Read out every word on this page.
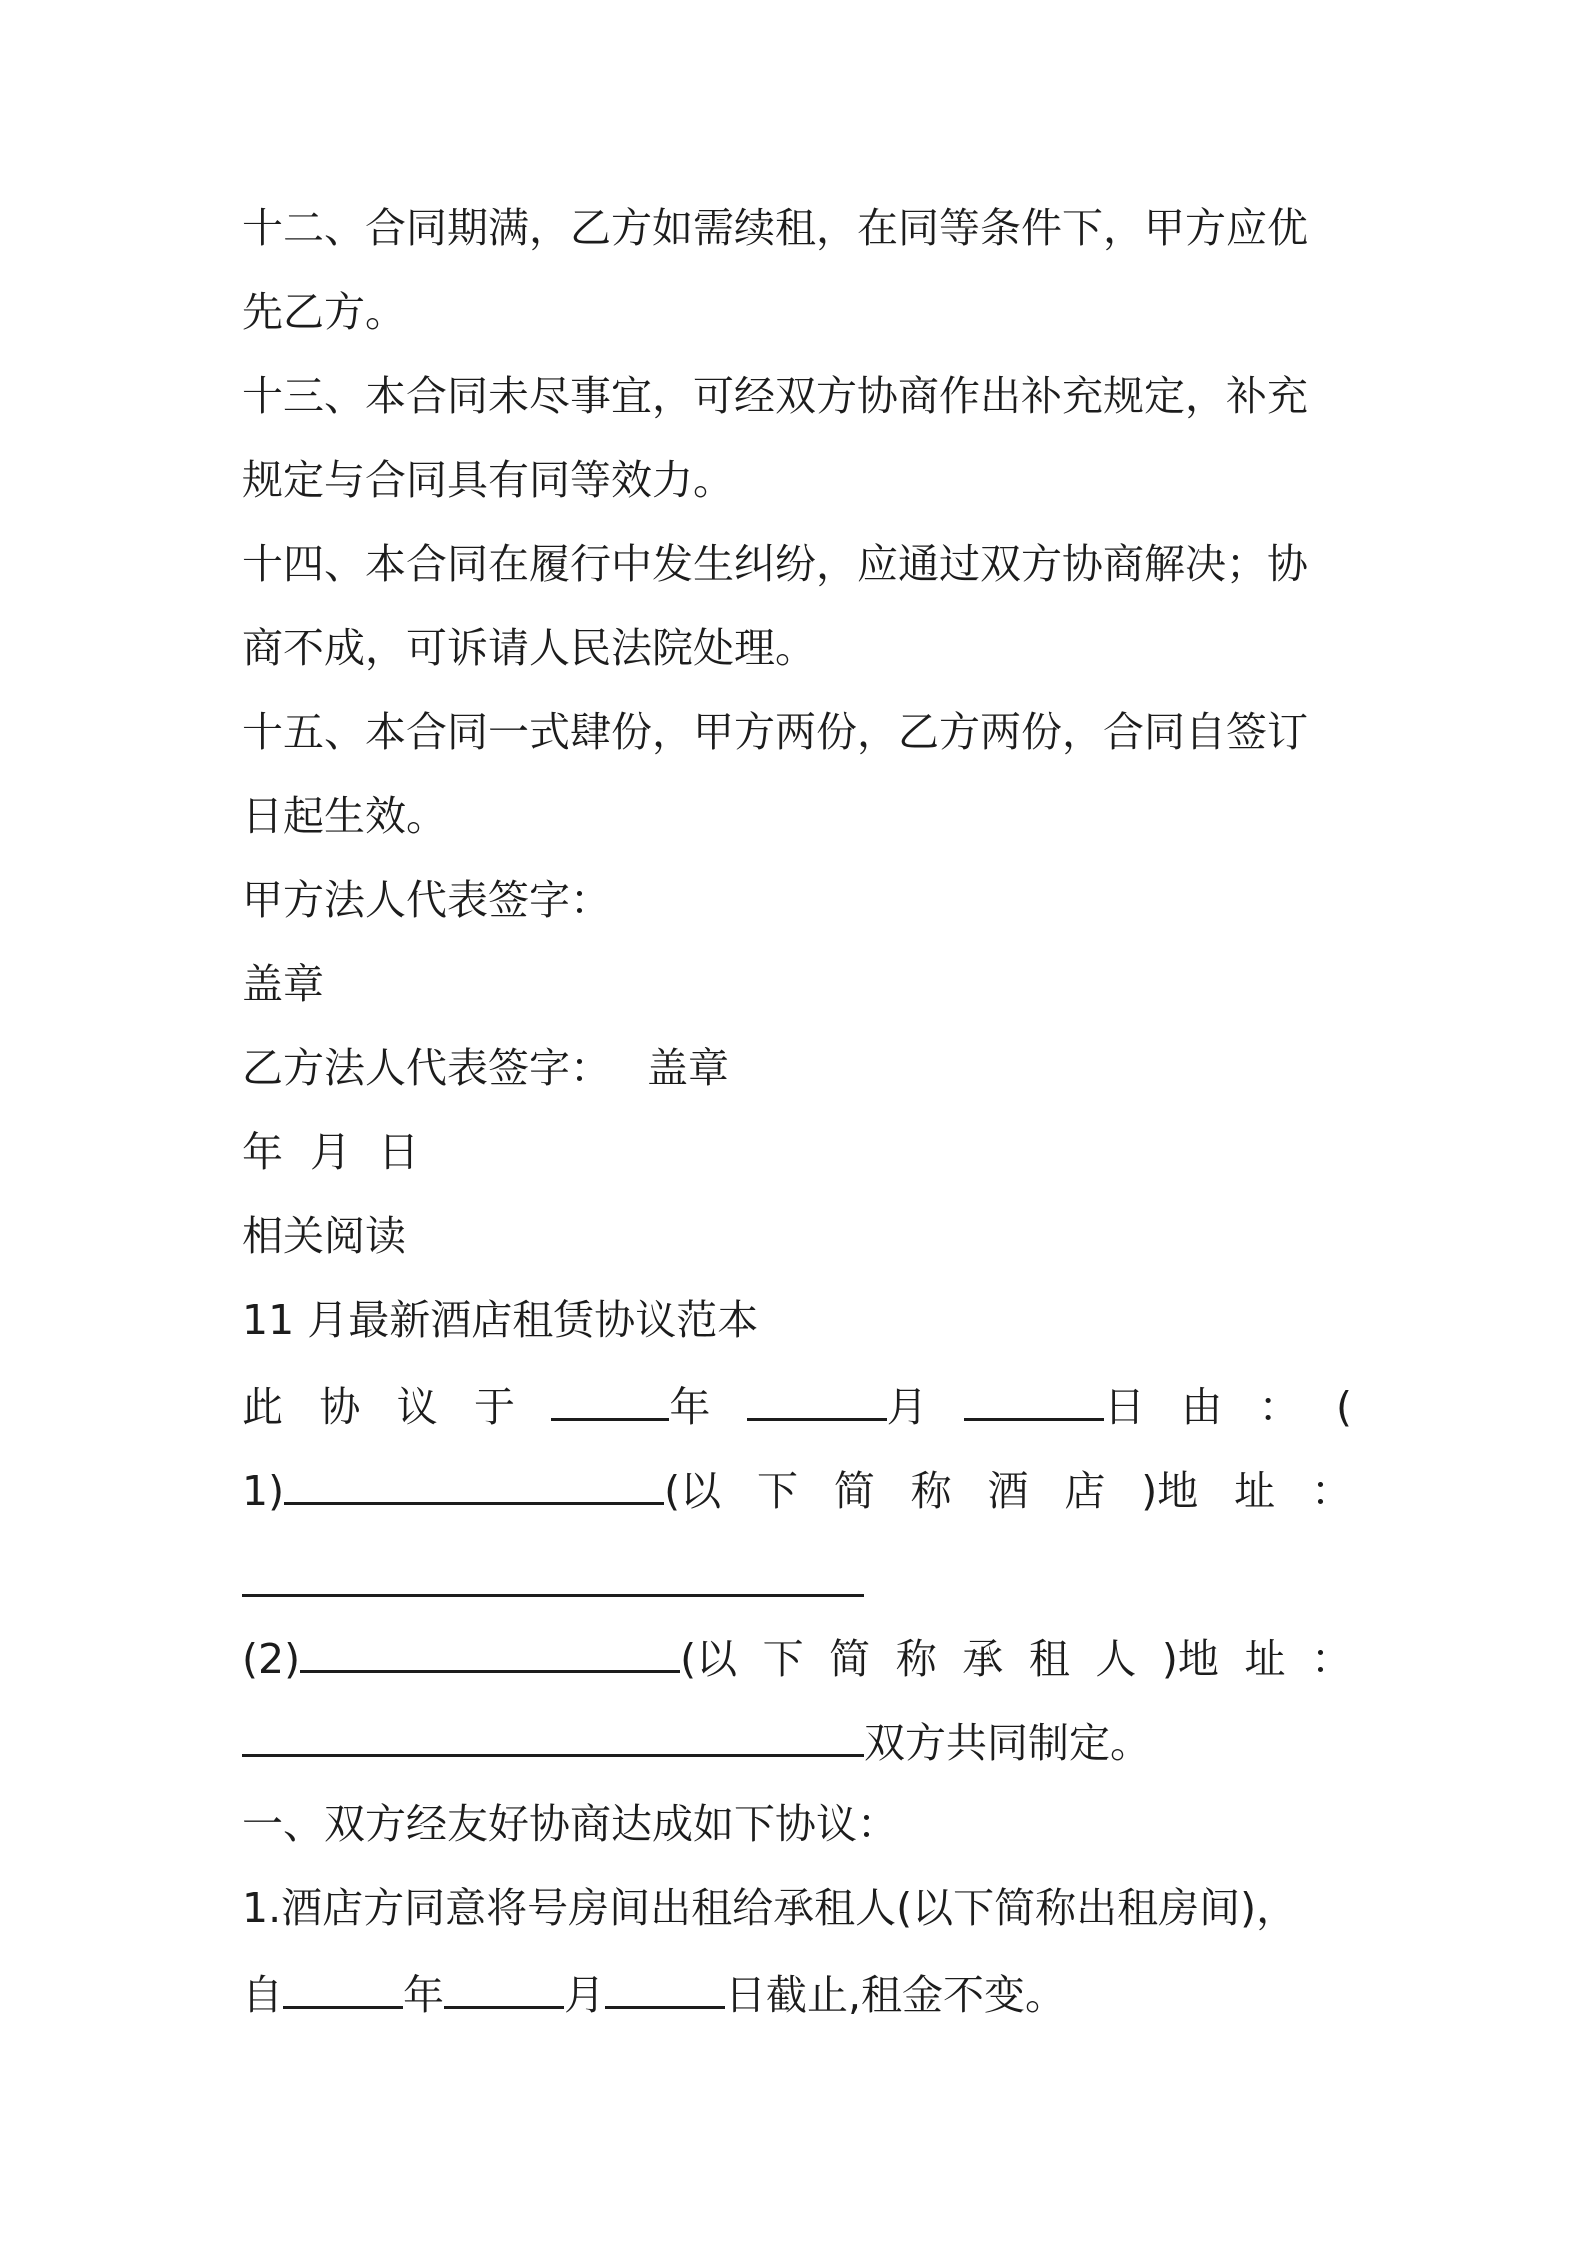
十二、合同期满，乙方如需续租，在同等条件下，甲方应优
先乙方。
十三、本合同未尽事宜，可经双方协商作出补充规定，补充
规定与合同具有同等效力。
十四、本合同在履行中发生纠纷，应通过双方协商解决；协
商不成，可诉请人民法院处理。
十五、本合同一式肆份，甲方两份，乙方两份，合同自签订
日起生效。
甲方法人代表签字：
盖章
乙方法人代表签字： 盖章
年 月 日
相关阅读
11 月最新酒店租赁协议范本
此 协 议 于	年	月	日 由 ： (
1)	(以 下 简 称 酒 店 )地 址 ：
(2)	(以 下 简 称 承 租 人 )地 址 ：
双方共同制定。
一、双方经友好协商达成如下协议：
1.酒店方同意将号房间出租给承租人(以下简称出租房间)，
自	年	月	日截止,租金不变。
